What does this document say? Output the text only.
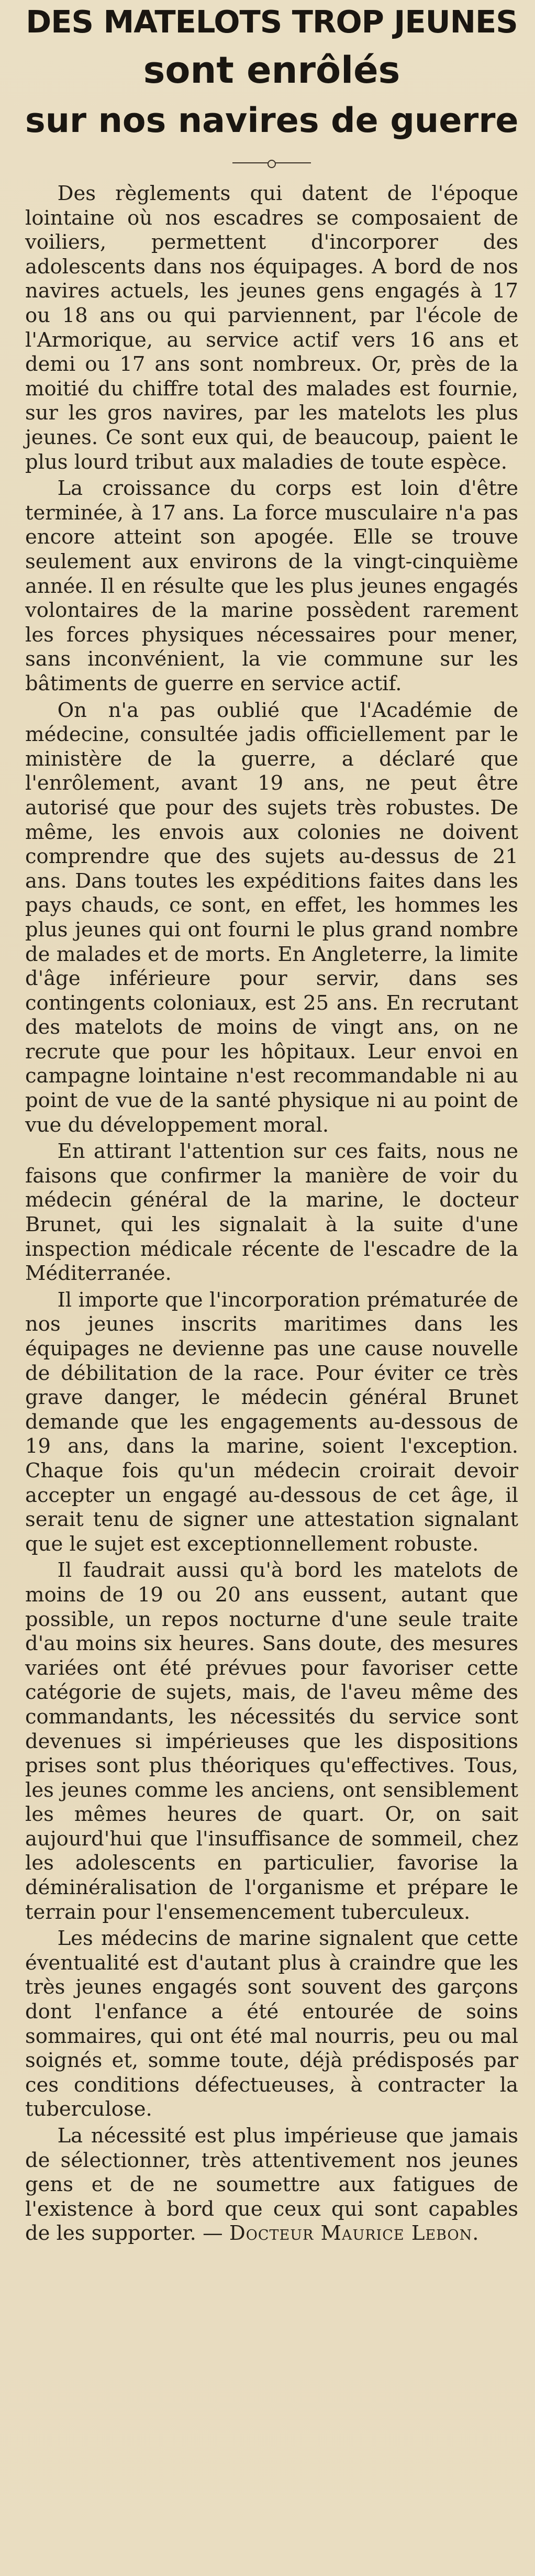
DES MATELOTS TROP JEUNES
sont enrôlés
sur nos navires de guerre

Des règlements qui datent de l'époque lointaine où nos escadres se composaient de voiliers, permettent d'incorporer des adolescents dans nos équipages. A bord de nos navires actuels, les jeunes gens engagés à 17 ou 18 ans ou qui parviennent, par l'école de l'Armorique, au service actif vers 16 ans et demi ou 17 ans sont nombreux. Or, près de la moitié du chiffre total des malades est fournie, sur les gros navires, par les matelots les plus jeunes. Ce sont eux qui, de beaucoup, paient le plus lourd tribut aux maladies de toute espèce.

La croissance du corps est loin d'être terminée, à 17 ans. La force musculaire n'a pas encore atteint son apogée. Elle se trouve seulement aux environs de la vingt-cinquième année. Il en résulte que les plus jeunes engagés volontaires de la marine possèdent rarement les forces physiques nécessaires pour mener, sans inconvénient, la vie commune sur les bâtiments de guerre en service actif.

On n'a pas oublié que l'Académie de médecine, consultée jadis officiellement par le ministère de la guerre, a déclaré que l'enrôlement, avant 19 ans, ne peut être autorisé que pour des sujets très robustes. De même, les envois aux colonies ne doivent comprendre que des sujets au-dessus de 21 ans. Dans toutes les expéditions faites dans les pays chauds, ce sont, en effet, les hommes les plus jeunes qui ont fourni le plus grand nombre de malades et de morts. En Angleterre, la limite d'âge inférieure pour servir, dans ses contingents coloniaux, est 25 ans. En recrutant des matelots de moins de vingt ans, on ne recrute que pour les hôpitaux. Leur envoi en campagne lointaine n'est recommandable ni au point de vue de la santé physique ni au point de vue du développement moral.

En attirant l'attention sur ces faits, nous ne faisons que confirmer la manière de voir du médecin général de la marine, le docteur Brunet, qui les signalait à la suite d'une inspection médicale récente de l'escadre de la Méditerranée.

Il importe que l'incorporation prématurée de nos jeunes inscrits maritimes dans les équipages ne devienne pas une cause nouvelle de débilitation de la race. Pour éviter ce très grave danger, le médecin général Brunet demande que les engagements au-dessous de 19 ans, dans la marine, soient l'exception. Chaque fois qu'un médecin croirait devoir accepter un engagé au-dessous de cet âge, il serait tenu de signer une attestation signalant que le sujet est exceptionnellement robuste.

Il faudrait aussi qu'à bord les matelots de moins de 19 ou 20 ans eussent, autant que possible, un repos nocturne d'une seule traite d'au moins six heures. Sans doute, des mesures variées ont été prévues pour favoriser cette catégorie de sujets, mais, de l'aveu même des commandants, les nécessités du service sont devenues si impérieuses que les dispositions prises sont plus théoriques qu'effectives. Tous, les jeunes comme les anciens, ont sensiblement les mêmes heures de quart. Or, on sait aujourd'hui que l'insuffisance de sommeil, chez les adolescents en particulier, favorise la déminéralisation de l'organisme et prépare le terrain pour l'ensemencement tuberculeux.

Les médecins de marine signalent que cette éventualité est d'autant plus à craindre que les très jeunes engagés sont souvent des garçons dont l'enfance a été entourée de soins sommaires, qui ont été mal nourris, peu ou mal soignés et, somme toute, déjà prédisposés par ces conditions défectueuses, à contracter la tuberculose.

La nécessité est plus impérieuse que jamais de sélectionner, très attentivement nos jeunes gens et de ne soumettre aux fatigues de l'existence à bord que ceux qui sont capables de les supporter. — Docteur Maurice Lebon.
